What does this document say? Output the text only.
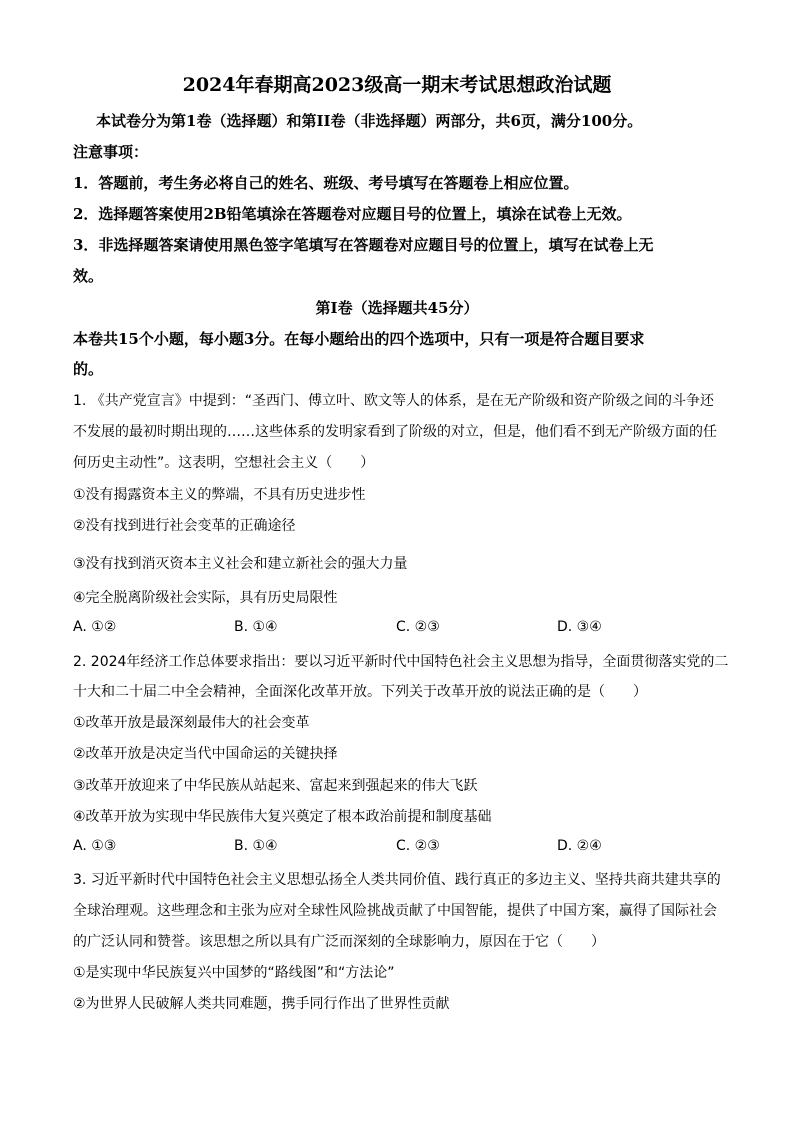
2024年春期高2023级高一期末考试思想政治试题
本试卷分为第1卷（选择题）和第II卷（非选择题）两部分，共6页，满分100分。
注意事项：
1．答题前，考生务必将自己的姓名、班级、考号填写在答题卷上相应位置。
2．选择题答案使用2B铅笔填涂在答题卷对应题目号的位置上，填涂在试卷上无效。
3．非选择题答案请使用黑色签字笔填写在答题卷对应题目号的位置上，填写在试卷上无
效。
第I卷（选择题共45分）
本卷共15个小题，每小题3分。在每小题给出的四个选项中，只有一项是符合题目要求
的。
1. 《共产党宣言》中提到：“圣西门、傅立叶、欧文等人的体系，是在无产阶级和资产阶级之间的斗争还
不发展的最初时期出现的……这些体系的发明家看到了阶级的对立，但是，他们看不到无产阶级方面的任
何历史主动性”。这表明，空想社会主义（　　）
①没有揭露资本主义的弊端，不具有历史进步性
②没有找到进行社会变革的正确途径
③没有找到消灭资本主义社会和建立新社会的强大力量
④完全脱离阶级社会实际，具有历史局限性
A. ①②	B. ①④	C. ②③	D. ③④
2. 2024年经济工作总体要求指出：要以习近平新时代中国特色社会主义思想为指导，全面贯彻落实党的二
十大和二十届二中全会精神，全面深化改革开放。下列关于改革开放的说法正确的是（　　）
①改革开放是最深刻最伟大的社会变革
②改革开放是决定当代中国命运的关键抉择
③改革开放迎来了中华民族从站起来、富起来到强起来的伟大飞跃
④改革开放为实现中华民族伟大复兴奠定了根本政治前提和制度基础
A. ①③	B. ①④	C. ②③	D. ②④
3. 习近平新时代中国特色社会主义思想弘扬全人类共同价值、践行真正的多边主义、坚持共商共建共享的
全球治理观。这些理念和主张为应对全球性风险挑战贡献了中国智能，提供了中国方案，赢得了国际社会
的广泛认同和赞誉。该思想之所以具有广泛而深刻的全球影响力，原因在于它（　　）
①是实现中华民族复兴中国梦的“路线图”和“方法论”
②为世界人民破解人类共同难题，携手同行作出了世界性贡献
